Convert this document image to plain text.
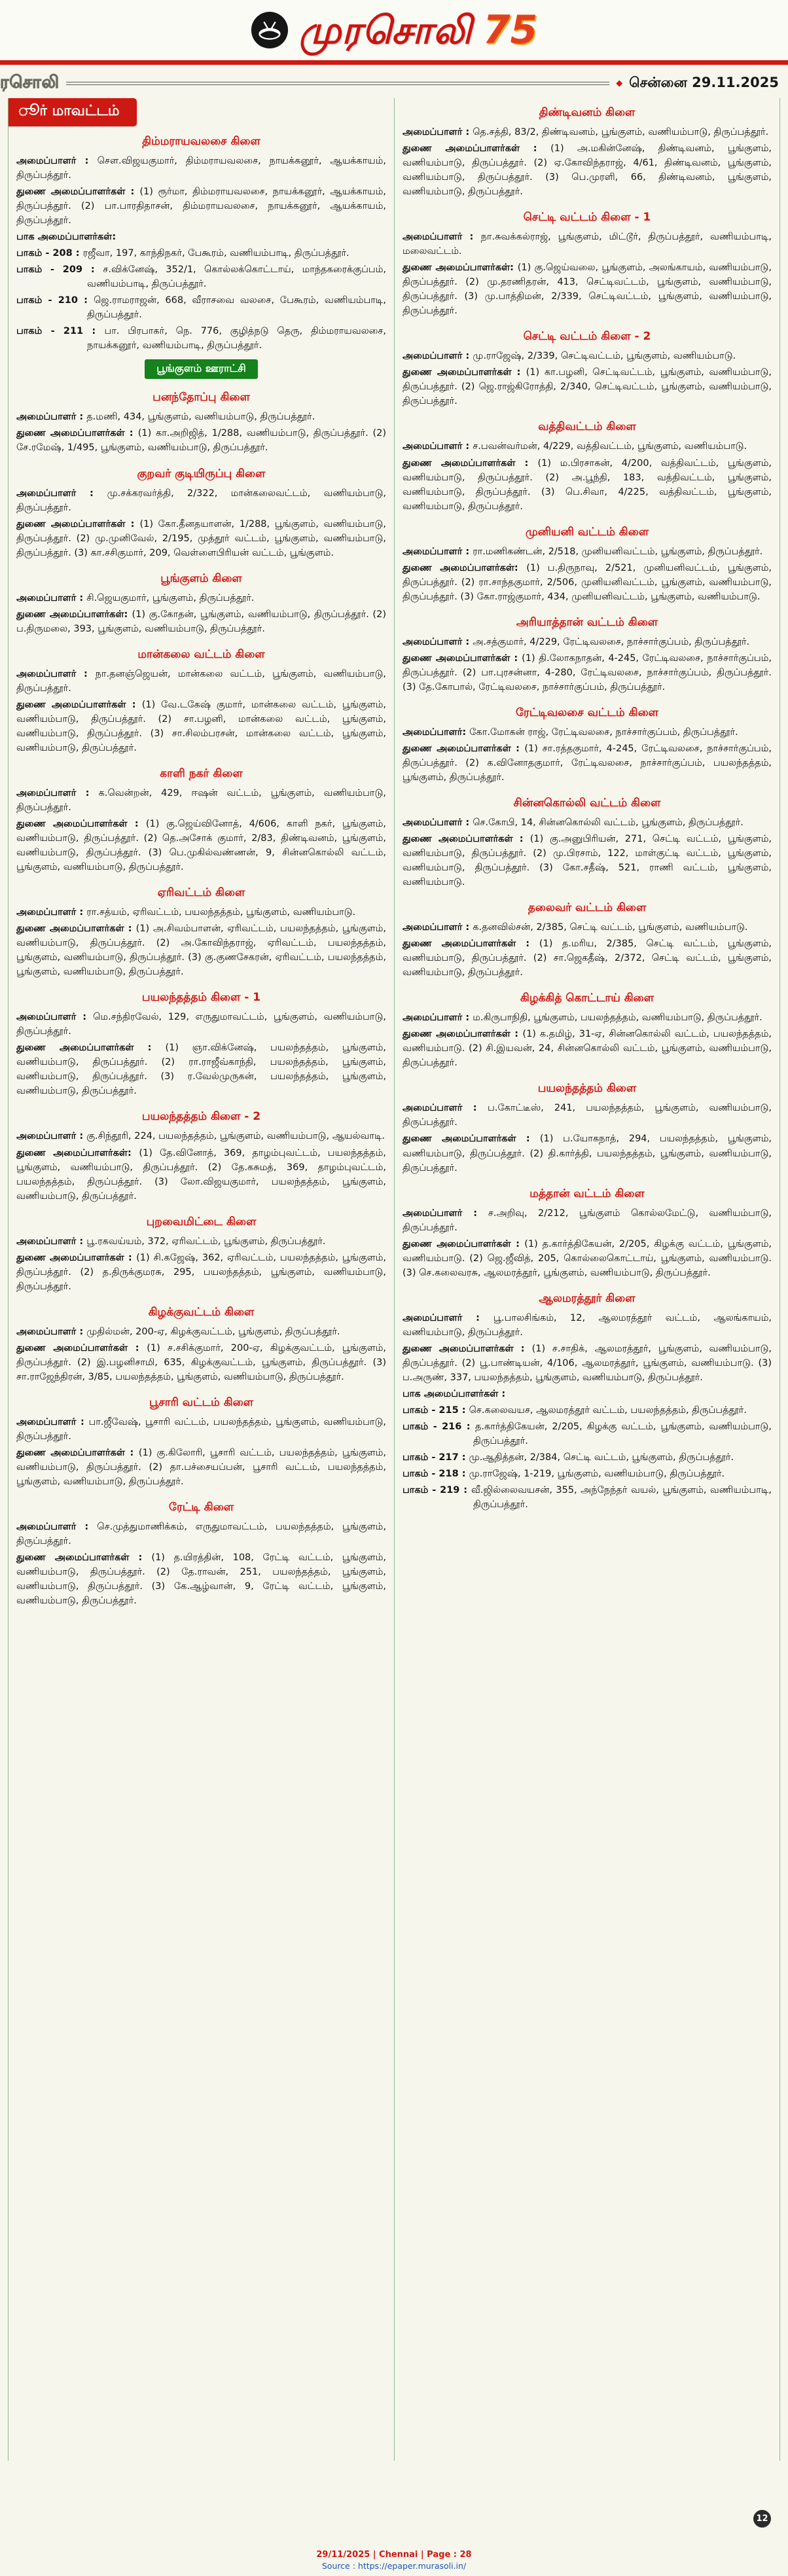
முரசொலி 75
ரசொலி	◆ சென்னை 29.11.2025
ூர் மாவட்டம்
திம்மராயவலசை கிளை

அமைப்பாளர் : சௌ.விஜயகுமார், திம்மராயவலசை, நாயக்கனூர், ஆயக்காயம், திருப்பத்தூர்.

துணை அமைப்பாளர்கள் : (1) ரூர்மா, திம்மராயவலசை, நாயக்கனூர், ஆயக்காயம், திருப்பத்தூர். (2) பா.பாரதிதாசன், திம்மராயவலசை, நாயக்கனூர், ஆயக்காயம், திருப்பத்தூர்.

பாக அமைப்பாளர்கள்:

பாகம் - 208 : ரஜீவா, 197, காந்திநகர், பேகூரம், வணியம்பாடி, திருப்பத்தூர்.

பாகம் - 209 : ச.விக்னேஷ், 352/1, கொல்லக்கொட்டாய், மாந்தகரைக்குப்பம், வணியம்பாடி, திருப்பத்தூர்.

பாகம் - 210 : ஜெ.ராமராஜன், 668, வீராசவை வலசை, பேகூரம், வணியம்பாடி, திருப்பத்தூர்.

பாகம் - 211 : பா. பிரபாகர், நெ. 776, குழித்நடு தெரு, திம்மராயவலசை, நாயக்கனூர், வணியம்பாடி, திருப்பத்தூர்.

பூங்குளம் ஊராட்சி
பனந்தோப்பு கிளை

அமைப்பாளர் : த.மணி, 434, பூங்குளம், வணியம்பாடு, திருப்பத்தூர்.

துணை அமைப்பாளர்கள் : (1) கா.அறிஜித், 1/288, வணியம்பாடு, திருப்பத்தூர். (2) சே.ரமேஷ், 1/495, பூங்குளம், வணியம்பாடு, திருப்பத்தூர்.

குறவர் குடியிருப்பு கிளை

அமைப்பாளர் : மு.சக்கரவர்த்தி, 2/322, மான்கலைவட்டம், வணியம்பாடு, திருப்பத்தூர்.

துணை அமைப்பாளர்கள் : (1) கோ.தீனதயாளன், 1/288, பூங்குளம், வணியம்பாடு, திருப்பத்தூர். (2) மு.முனிவேல், 2/195, முத்தூர் வட்டம், பூங்குளம், வணியம்பாடு, திருப்பத்தூர். (3) கா.சசிகுமார், 209, வெள்ளைபிரியன் வட்டம், பூங்குளம்.

பூங்குளம் கிளை

அமைப்பாளர் : சி.ஜெயகுமார், பூங்குளம், திருப்பத்தூர்.

துணை அமைப்பாளர்கள்: (1) கு.கோதன், பூங்குளம், வணியம்பாடு, திருப்பத்தூர். (2) ப.திருமலை, 393, பூங்குளம், வணியம்பாடு, திருப்பத்தூர்.

மான்கலை வட்டம் கிளை

அமைப்பாளர் : நா.தனஞ்ஜெயன், மான்கலை வட்டம், பூங்குளம், வணியம்பாடு, திருப்பத்தூர்.

துணை அமைப்பாளர்கள் : (1) வே.டகேஷ் குமார், மான்கலை வட்டம், பூங்குளம், வணியம்பாடு, திருப்பத்தூர். (2) சா.பழனி, மான்கலை வட்டம், பூங்குளம், வணியம்பாடு, திருப்பத்தூர். (3) சா.சிலம்பரசன், மான்கலை வட்டம், பூங்குளம், வணியம்பாடு, திருப்பத்தூர்.

காளி நகர் கிளை

அமைப்பாளர் : க.வென்றன், 429, ஈஷன் வட்டம், பூங்குளம், வணியம்பாடு, திருப்பத்தூர்.

துணை அமைப்பாளர்கள் : (1) கு.ஜெய்வினோத், 4/606, காளி நகர், பூங்குளம், வணியம்பாடு, திருப்பத்தூர். (2) தெ.அசோக் குமார், 2/83, திண்டிவனம், பூங்குளம், வணியம்பாடு, திருப்பத்தூர். (3) பெ.முகில்வண்ணன், 9, சின்னகொல்லி வட்டம், பூங்குளம், வணியம்பாடு, திருப்பத்தூர்.

ஏரிவட்டம் கிளை

அமைப்பாளர் : ரா.சத்யம், ஏரிவட்டம், பயலந்தத்தம், பூங்குளம், வணியம்பாடு.

துணை அமைப்பாளர்கள் : (1) அ.சிவம்பாளன், ஏரிவட்டம், பயலந்தத்தம், பூங்குளம், வணியம்பாடு, திருப்பத்தூர். (2) அ.கோவிந்தராஜ், ஏரிவட்டம், பயலந்தத்தம், பூங்குளம், வணியம்பாடு, திருப்பத்தூர். (3) கு.குணசேகரன், ஏரிவட்டம், பயலந்தத்தம், பூங்குளம், வணியம்பாடு, திருப்பத்தூர்.

பயலந்தத்தம் கிளை - 1

அமைப்பாளர் : மெ.சந்திரவேல், 129, எருதுமாவட்டம், பூங்குளம், வணியம்பாடு, திருப்பத்தூர்.

துணை அமைப்பாளர்கள் : (1) ஞா.விக்னேஷ், பயலந்தத்தம், பூங்குளம், வணியம்பாடு, திருப்பத்தூர். (2) ரா.ராஜீவ்காந்தி, பயலந்தத்தம், பூங்குளம், வணியம்பாடு, திருப்பத்தூர். (3) ர.வேல்முருகன், பயலந்தத்தம், பூங்குளம், வணியம்பாடு, திருப்பத்தூர்.

பயலந்தத்தம் கிளை - 2

அமைப்பாளர் : கு.சிந்தூரி, 224, பயலந்தத்தம், பூங்குளம், வணியம்பாடு, ஆயல்வாடி.

துணை அமைப்பாளர்கள்: (1) தே.வினோத், 369, தாழம்புவட்டம், பயலந்தத்தம், பூங்குளம், வணியம்பாடு, திருப்பத்தூர். (2) தே.கசுமத், 369, தாழம்புவட்டம், பயலந்தத்தம், திருப்பத்தூர். (3) லோ.விஜயகுமார், பயலந்தத்தம், பூங்குளம், வணியம்பாடு, திருப்பத்தூர்.

புறவைமிட்டை கிளை

அமைப்பாளர் : பூ.ரகவய்யம், 372, ஏரிவட்டம், பூங்குளம், திருப்பத்தூர்.

துணை அமைப்பாளர்கள் : (1) சி.கஜேஷ், 362, ஏரிவட்டம், பயலந்தத்தம், பூங்குளம், திருப்பத்தூர். (2) த.திருக்குமரசு, 295, பயலந்தத்தம், பூங்குளம், வணியம்பாடு, திருப்பத்தூர்.

கிழக்குவட்டம் கிளை

அமைப்பாளர் : முதில்மன், 200-ஏ, கிழக்குவட்டம், பூங்குளம், திருப்பத்தூர்.

துணை அமைப்பாளர்கள் : (1) ச.சசிக்குமார், 200-ஏ, கிழக்குவட்டம், பூங்குளம், திருப்பத்தூர். (2) இ.பழனிசாமி, 635, கிழக்குவட்டம், பூங்குளம், திருப்பத்தூர். (3) சா.ராஜேந்திரன், 3/85, பயலந்தத்தம், பூங்குளம், வணியம்பாடு, திருப்பத்தூர்.

பூசாரி வட்டம் கிளை

அமைப்பாளர் : பா.ஜீவேஷ், பூசாரி வட்டம், பயலந்தத்தம், பூங்குளம், வணியம்பாடு, திருப்பத்தூர்.

துணை அமைப்பாளர்கள் : (1) கு.கிலோரி, பூசாரி வட்டம், பயலந்தத்தம், பூங்குளம், வணியம்பாடு, திருப்பத்தூர். (2) தா.பச்சையப்பன், பூசாரி வட்டம், பயலந்தத்தம், பூங்குளம், வணியம்பாடு, திருப்பத்தூர்.

ரேட்டி கிளை

அமைப்பாளர் : செ.முத்துமாணிக்கம், எருதுமாவட்டம், பயலந்தத்தம், பூங்குளம், திருப்பத்தூர்.

துணை அமைப்பாளர்கள் : (1) த.யிரத்தின், 108, ரேட்டி வட்டம், பூங்குளம், வணியம்பாடு, திருப்பத்தூர். (2) தே.ராவன், 251, பயலந்தத்தம், பூங்குளம், வணியம்பாடு, திருப்பத்தூர். (3) கே.ஆழ்வான், 9, ரேட்டி வட்டம், பூங்குளம், வணியம்பாடு, திருப்பத்தூர்.

திண்டிவனம் கிளை

அமைப்பாளர் : தெ.சத்தி, 83/2, திண்டிவனம், பூங்குளம், வணியம்பாடு, திருப்பத்தூர்.

துணை அமைப்பாளர்கள் : (1) அ.மகின்னேஷ், திண்டிவனம், பூங்குளம், வணியம்பாடு, திருப்பத்தூர். (2) ஏ.கோவிந்தராஜ், 4/61, திண்டிவனம், பூங்குளம், வணியம்பாடு, திருப்பத்தூர். (3) பெ.முரளி, 66, திண்டிவனம், பூங்குளம், வணியம்பாடு, திருப்பத்தூர்.

செட்டி வட்டம் கிளை - 1

அமைப்பாளர் : நா.சுவக்கல்ராஜ், பூங்குளம், மிட்டூர், திருப்பத்தூர், வணியம்பாடி, மலைவட்டம்.

துணை அமைப்பாளர்கள்: (1) கு.ஜெய்வலை, பூங்குளம், அலங்காயம், வணியம்பாடு, திருப்பத்தூர். (2) மு.தரணிதரன், 413, செட்டிவட்டம், பூங்குளம், வணியம்பாடு, திருப்பத்தூர். (3) மு.பாத்திமன், 2/339, செட்டிவட்டம், பூங்குளம், வணியம்பாடு, திருப்பத்தூர்.

செட்டி வட்டம் கிளை - 2

அமைப்பாளர் : மு.ராஜேஷ், 2/339, செட்டிவட்டம், பூங்குளம், வணியம்பாடு.

துணை அமைப்பாளர்கள் : (1) கா.பழனி, செட்டிவட்டம், பூங்குளம், வணியம்பாடு, திருப்பத்தூர். (2) ஜெ.ராஜ்கிரோத்தி, 2/340, செட்டிவட்டம், பூங்குளம், வணியம்பாடு, திருப்பத்தூர்.

வத்திவட்டம் கிளை

அமைப்பாளர் : ச.பவன்வர்மன், 4/229, வத்திவட்டம், பூங்குளம், வணியம்பாடு.

துணை அமைப்பாளர்கள் : (1) ம.பிரசாகன், 4/200, வத்திவட்டம், பூங்குளம், வணியம்பாடு, திருப்பத்தூர். (2) அ.பூந்தி, 183, வத்திவட்டம், பூங்குளம், வணியம்பாடு, திருப்பத்தூர். (3) பெ.சிவா, 4/225, வத்திவட்டம், பூங்குளம், வணியம்பாடு, திருப்பத்தூர்.

முனியனி வட்டம் கிளை

அமைப்பாளர் : ரா.மணிகண்டன், 2/518, முனியனிவட்டம், பூங்குளம், திருப்பத்தூர்.

துணை அமைப்பாளர்கள்: (1) ப.திருநாவு, 2/521, முனியனிவட்டம், பூங்குளம், திருப்பத்தூர். (2) ரா.சாந்தகுமார், 2/506, முனியனிவட்டம், பூங்குளம், வணியம்பாடு, திருப்பத்தூர். (3) கோ.ராஜ்குமார், 434, முனியனிவட்டம், பூங்குளம், வணியம்பாடு.

அரியாத்தான் வட்டம் கிளை

அமைப்பாளர் : அ.சத்குமார், 4/229, ரேட்டிவலசை, நாச்சார்குப்பம், திருப்பத்தூர்.

துணை அமைப்பாளர்கள் : (1) தி.லோகநாதன், 4-245, ரேட்டிவலசை, நாச்சார்குப்பம், திருப்பத்தூர். (2) பா.புரசன்னா, 4-280, ரேட்டிவலசை, நாச்சார்குப்பம், திருப்பத்தூர். (3) தே.கோபால், ரேட்டிவலசை, நாச்சார்குப்பம், திருப்பத்தூர்.

ரேட்டிவலசை வட்டம் கிளை

அமைப்பாளர்: கோ.மோகன் ராஜ், ரேட்டிவலசை, நாச்சார்குப்பம், திருப்பத்தூர்.

துணை அமைப்பாளர்கள் : (1) சா.ரத்தகுமார், 4-245, ரேட்டிவலசை, நாச்சார்குப்பம், திருப்பத்தூர். (2) க.வினோதகுமார், ரேட்டிவலசை, நாச்சார்குப்பம், பயலந்தத்தம், பூங்குளம், திருப்பத்தூர்.

சின்னகொல்லி வட்டம் கிளை

அமைப்பாளர் : செ.கோபி, 14, சின்னகொல்லி வட்டம், பூங்குளம், திருப்பத்தூர்.

துணை அமைப்பாளர்கள் : (1) கு.அனுபிரியன், 271, செட்டி வட்டம், பூங்குளம், வணியம்பாடு, திருப்பத்தூர். (2) மு.பிரசாம், 122, மாள்குட்டி வட்டம், பூங்குளம், வணியம்பாடு, திருப்பத்தூர். (3) கோ.சதீஷ், 521, ராணி வட்டம், பூங்குளம், வணியம்பாடு.

தலைவர் வட்டம் கிளை

அமைப்பாளர் : க.தனவில்சன், 2/385, செட்டி வட்டம், பூங்குளம், வணியம்பாடு.

துணை அமைப்பாளர்கள் : (1) த.மரிய, 2/385, செட்டி வட்டம், பூங்குளம், வணியம்பாடு, திருப்பத்தூர். (2) சா.ஜெகதீஷ், 2/372, செட்டி வட்டம், பூங்குளம், வணியம்பாடு, திருப்பத்தூர்.

கிழக்கித் கொட்டாய் கிளை

அமைப்பாளர் : ம.கிருபாநிதி, பூங்குளம், பயலந்தத்தம், வணியம்பாடு, திருப்பத்தூர்.

துணை அமைப்பாளர்கள் : (1) க.தமிழ், 31-ஏ, சின்னகொல்லி வட்டம், பயலந்தத்தம், வணியம்பாடு. (2) சி.இயவன், 24, சின்னகொல்லி வட்டம், பூங்குளம், வணியம்பாடு, திருப்பத்தூர்.

பயலந்தத்தம் கிளை

அமைப்பாளர் : ப.கோட்டீஸ், 241, பயலந்தத்தம், பூங்குளம், வணியம்பாடு, திருப்பத்தூர்.

துணை அமைப்பாளர்கள் : (1) ப.யோகநாத், 294, பயலந்தத்தம், பூங்குளம், வணியம்பாடு, திருப்பத்தூர். (2) தி.கார்த்தி, பயலந்தத்தம், பூங்குளம், வணியம்பாடு, திருப்பத்தூர்.

மத்தான் வட்டம் கிளை

அமைப்பாளர் : ச.அறிவு, 2/212, பூங்குளம் கொல்லமேட்டு, வணியம்பாடு, திருப்பத்தூர்.

துணை அமைப்பாளர்கள் : (1) த.கார்த்திகேயன், 2/205, கிழக்கு வட்டம், பூங்குளம், வணியம்பாடு. (2) ஜெ.ஜீவித், 205, கொல்லைகொட்டாய், பூங்குளம், வணியம்பாடு. (3) செ.கலைவரசு, ஆலமரத்தூர், பூங்குளம், வணியம்பாடு, திருப்பத்தூர்.

ஆலமரத்தூர் கிளை

அமைப்பாளர் : பூ.பாலசிங்கம், 12, ஆலமரத்தூர் வட்டம், ஆலங்காயம், வணியம்பாடு, திருப்பத்தூர்.

துணை அமைப்பாளர்கள் : (1) ச.சாதிக், ஆலமரத்தூர், பூங்குளம், வணியம்பாடு, திருப்பத்தூர். (2) பூ.பாண்டியன், 4/106, ஆலமரத்தூர், பூங்குளம், வணியம்பாடு. (3) ப.அருண், 337, பயலந்தத்தம், பூங்குளம், வணியம்பாடு, திருப்பத்தூர்.

பாக அமைப்பாளர்கள் :

பாகம் - 215 : செ.கலைவயச, ஆலமரத்தூர் வட்டம், பயலந்தத்தம், திருப்பத்தூர்.

பாகம் - 216 : த.கார்த்திகேயன், 2/205, கிழக்கு வட்டம், பூங்குளம், வணியம்பாடு, திருப்பத்தூர்.

பாகம் - 217 : மு.ஆதித்தன், 2/384, செட்டி வட்டம், பூங்குளம், திருப்பத்தூர்.

பாகம் - 218 : மு.ராஜேஷ், 1-219, பூங்குளம், வணியம்பாடு, திருப்பத்தூர்.

பாகம் - 219 : வீ.ஜில்லைவயசன், 355, அந்நேந்தர் வயல், பூங்குளம், வணியம்பாடி, திருப்பத்தூர்.

12
29/11/2025 | Chennai | Page : 28
Source : https://epaper.murasoli.in/
